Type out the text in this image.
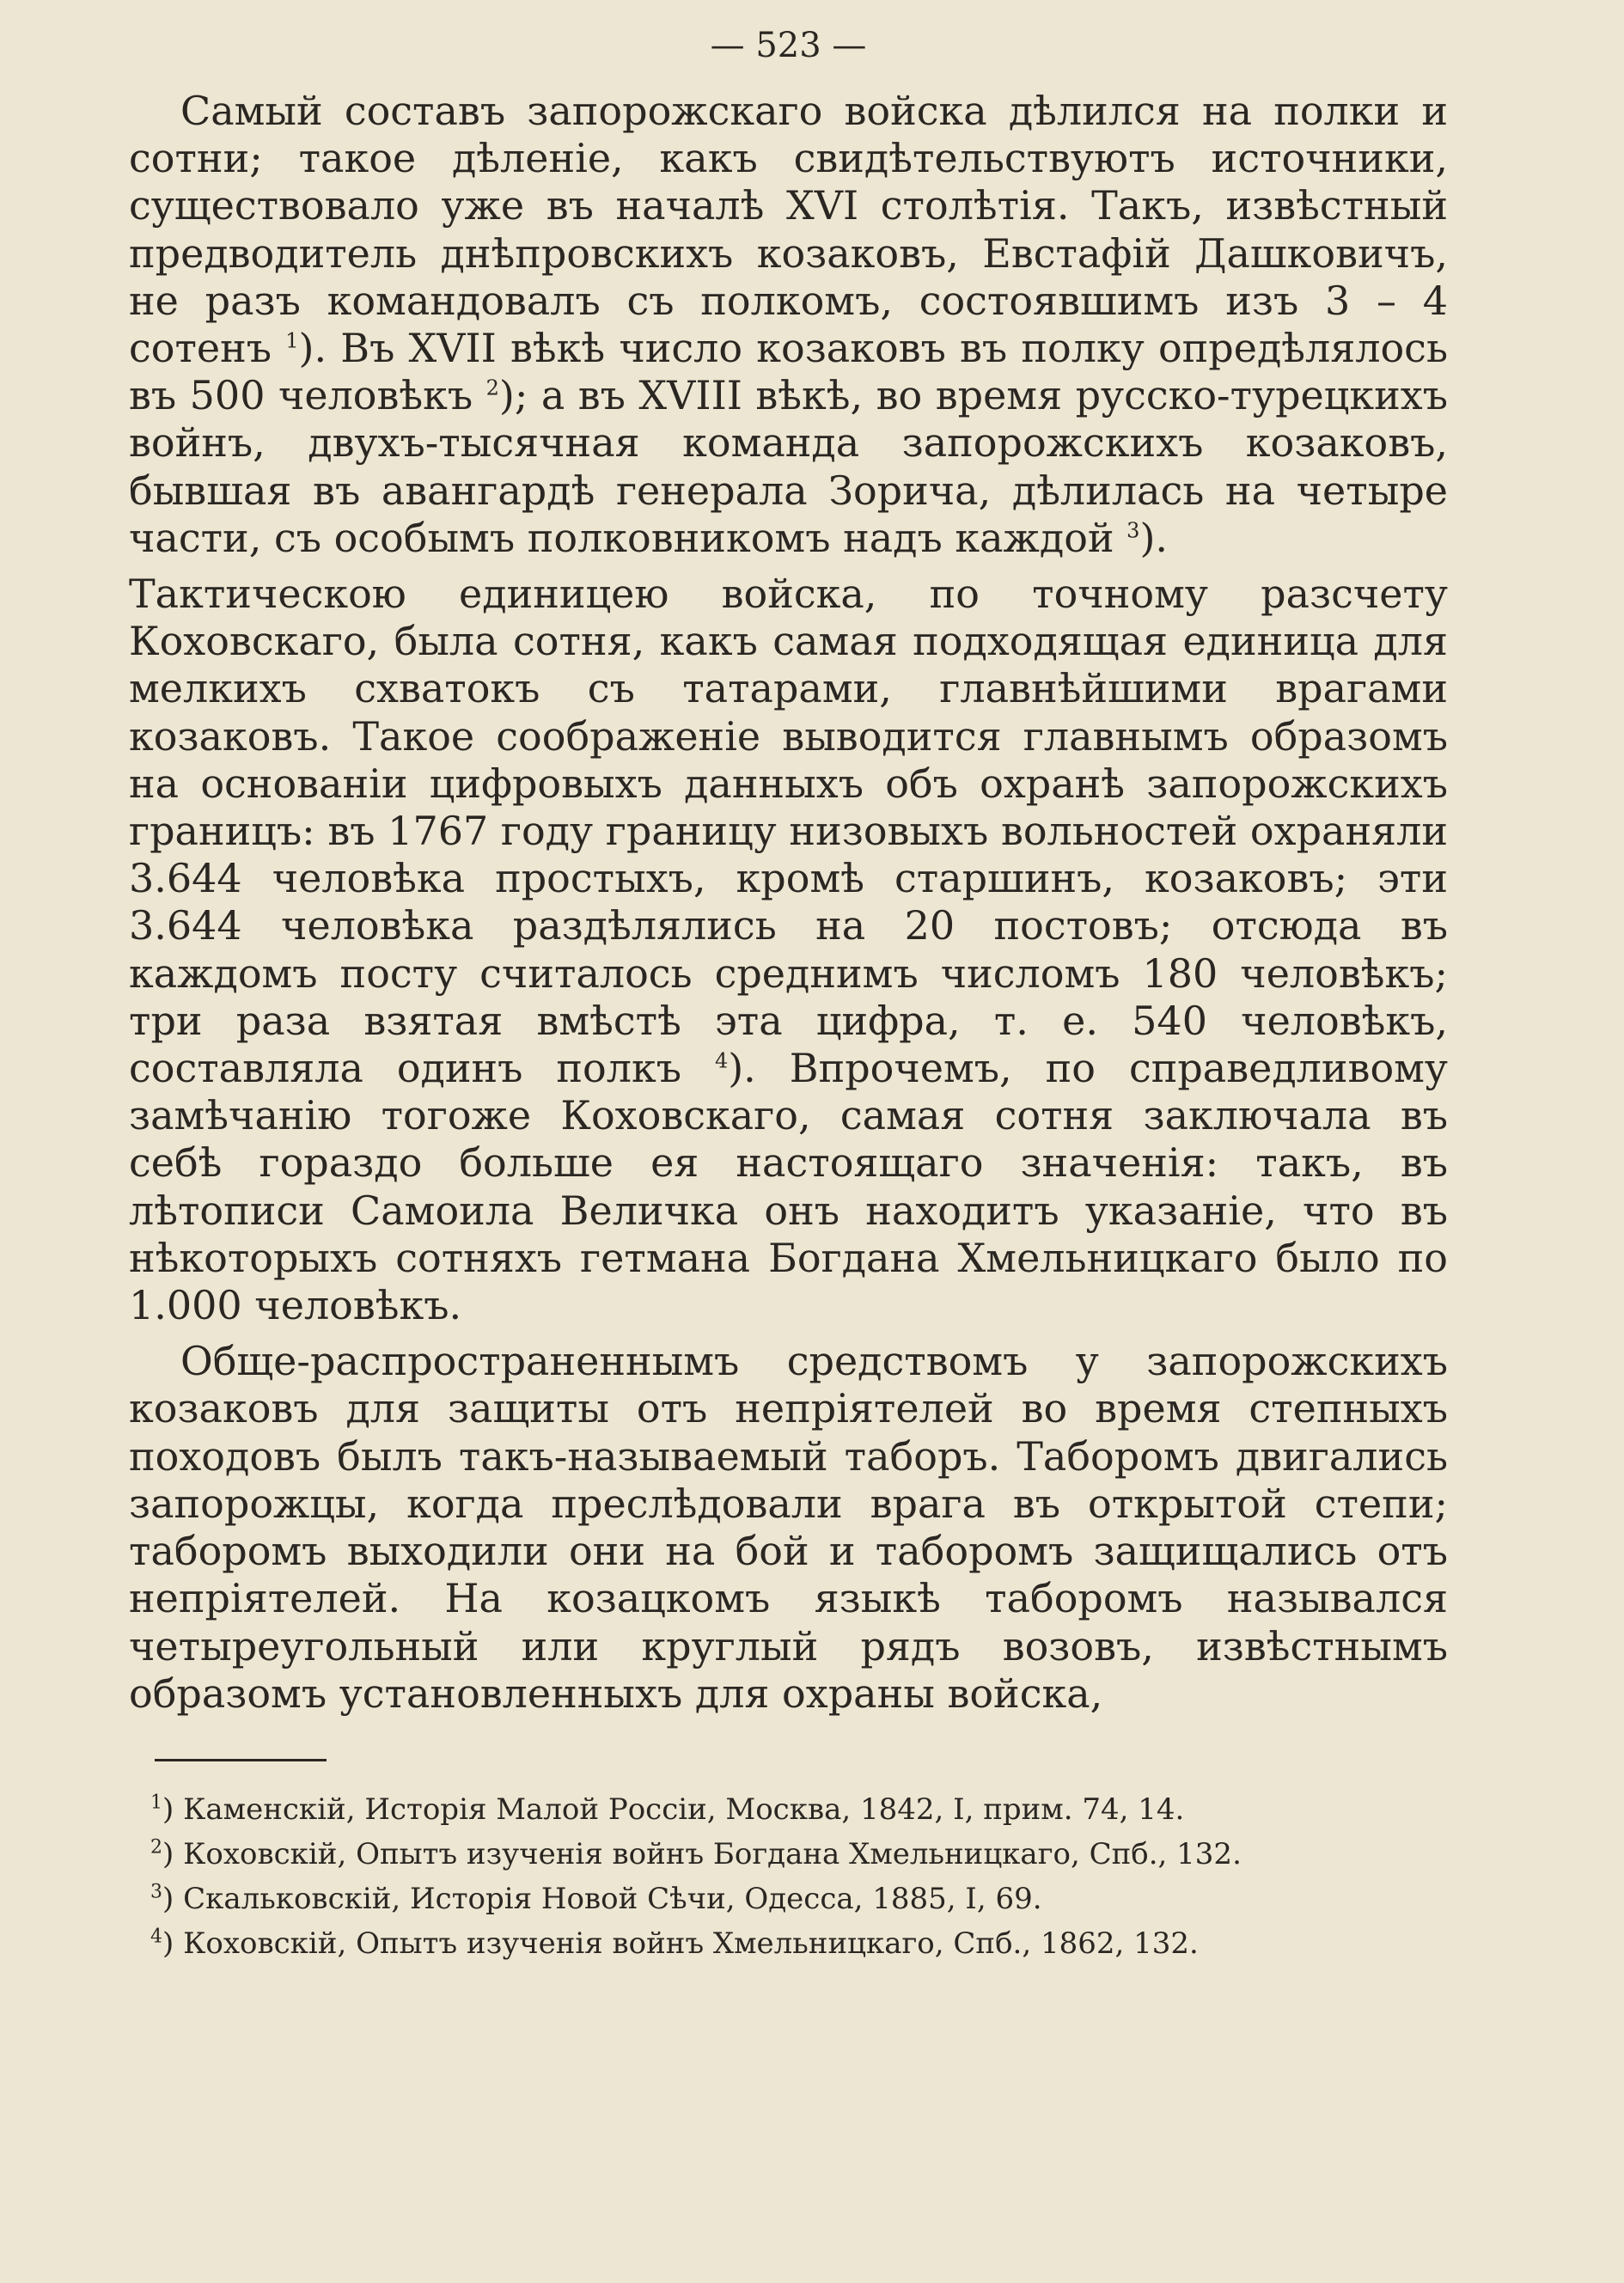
— 523 —

Самый составъ запорожскаго войска дѣлился на полки и сотни; такое дѣленіе, какъ свидѣтельствуютъ источники, существовало уже въ началѣ XVI столѣтія. Такъ, извѣстный предводитель днѣпровскихъ козаковъ, Евстафій Дашковичъ, не разъ командовалъ съ полкомъ, состоявшимъ изъ 3 – 4 сотенъ $^1$). Въ XVII вѣкѣ число козаковъ въ полку опредѣлялось въ 500 человѣкъ $^2$); а въ XVIII вѣкѣ, во время русско-турецкихъ войнъ, двухъ-тысячная команда запорожскихъ козаковъ, бывшая въ авангардѣ генерала Зорича, дѣлилась на четыре части, съ особымъ полковникомъ надъ каждой $^3$).

Тактическою единицею войска, по точному разсчету Коховскаго, была сотня, какъ самая подходящая единица для мелкихъ схватокъ съ татарами, главнѣйшими врагами козаковъ. Такое соображеніе выводится главнымъ образомъ на основаніи цифровыхъ данныхъ объ охранѣ запорожскихъ границъ: въ 1767 году границу низовыхъ вольностей охраняли 3.644 человѣка простыхъ, кромѣ старшинъ, козаковъ; эти 3.644 человѣка раздѣлялись на 20 постовъ; отсюда въ каждомъ посту считалось среднимъ числомъ 180 человѣкъ; три раза взятая вмѣстѣ эта цифра, т. е. 540 человѣкъ, составляла одинъ полкъ $^4$). Впрочемъ, по справедливому замѣчанію тогоже Коховскаго, самая сотня заключала въ себѣ гораздо больше ея настоящаго значенія: такъ, въ лѣтописи Самоила Величка онъ находитъ указаніе, что въ нѣкоторыхъ сотняхъ гетмана Богдана Хмельницкаго было по 1.000 человѣкъ.

Обще-распространеннымъ средствомъ у запорожскихъ козаковъ для защиты отъ непріятелей во время степныхъ походовъ былъ такъ-называемый таборъ. Таборомъ двигались запорожцы, когда преслѣдовали врага въ открытой степи; таборомъ выходили они на бой и таборомъ защищались отъ непріятелей. На козацкомъ языкѣ таборомъ назывался четыреугольный или круглый рядъ возовъ, извѣстнымъ образомъ установленныхъ для охраны войска,

$^1$) Каменскій, Исторія Малой Россіи, Москва, 1842, I, прим. 74, 14.
$^2$) Коховскій, Опытъ изученія войнъ Богдана Хмельницкаго, Спб., 132.
$^3$) Скальковскій, Исторія Новой Сѣчи, Одесса, 1885, I, 69.
$^4$) Коховскій, Опытъ изученія войнъ Хмельницкаго, Спб., 1862, 132.
